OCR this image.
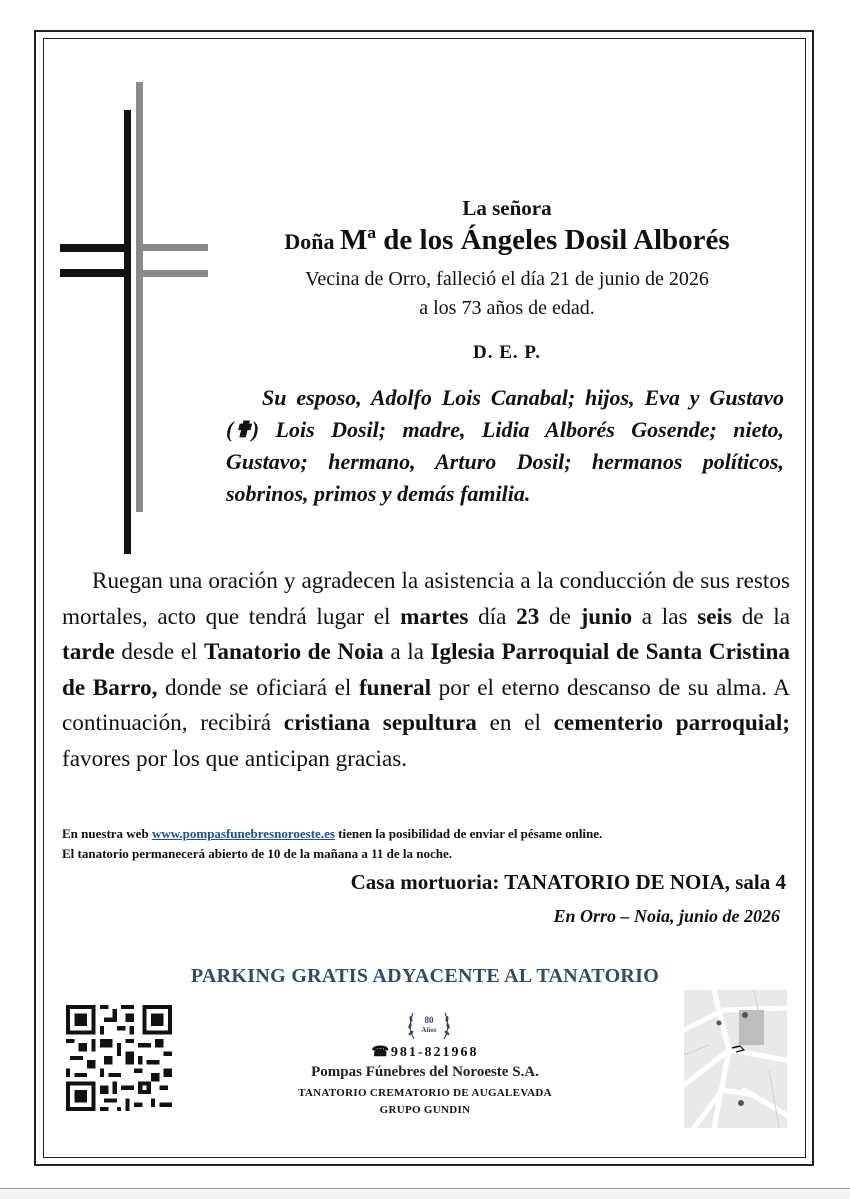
La señora
Doña Mª de los Ángeles Dosil Alborés
Vecina de Orro, falleció el día 21 de junio de 2026
a los 73 años de edad.
D. E. P.
Su esposo, Adolfo Lois Canabal; hijos, Eva y Gustavo (✟) Lois Dosil; madre, Lidia Alborés Gosende; nieto, Gustavo; hermano, Arturo Dosil; hermanos políticos, sobrinos, primos y demás familia.
Ruegan una oración y agradecen la asistencia a la conducción de sus restos mortales, acto que tendrá lugar el martes día 23 de junio a las seis de la tarde desde el Tanatorio de Noia a la Iglesia Parroquial de Santa Cristina de Barro, donde se oficiará el funeral por el eterno descanso de su alma. A continuación, recibirá cristiana sepultura en el cementerio parroquial; favores por los que anticipan gracias.
En nuestra web www.pompasfunebresnoroeste.es tienen la posibilidad de enviar el pésame online.
El tanatorio permanecerá abierto de 10 de la mañana a 11 de la noche.
Casa mortuoria: TANATORIO DE NOIA, sala 4
En Orro – Noia, junio de 2026
PARKING GRATIS ADYACENTE AL TANATORIO
80
Años
☎981-821968
Pompas Fúnebres del Noroeste S.A.
TANATORIO CREMATORIO DE AUGALEVADA
GRUPO GUNDIN
